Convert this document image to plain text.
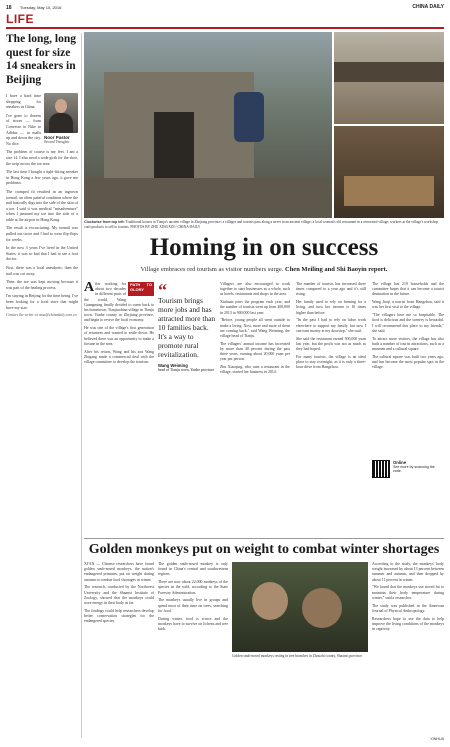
18 Tuesday, May 10, 2016	CHINA DAILY
LIFE
The long, long quest for size 14 sneakers in Beijing
Noor Pastor
Second Thoughts

I have a hard time shopping for sneakers in China.

I've gone to dozens of stores — from Converse to Nike to Adidas — in malls up and down the city. No dice.

The problem of course is my feet. I am a size 14. I also need a wide girth for the shoe, the strip across the toe area.

The last time I bought a tight-fitting sneaker in Hong Kong a few years ago, it gave me problems.

The cramped fit resulted in an ingrown toenail, an often painful condition where the nail basically digs into the side of the skin of a toe. I said it was medical "misadventure" when I jammed my toe into the side of a table at the airport in Hong Kong.

The result is excruciating. My toenail was pulled out twice and I had to wear flip-flops for weeks.

In the now 3 years I've lived in the United States, it was so bad that I had to see a foot doctor.

First, there was a local anesthetic; then the nail was cut away.

Then, the toe was kept moving because it was part of the healing process.

I'm staying in Beijing for the time being. I've been looking for a local store that might have my size.

Contact the writer at rasa@chinadaily.com.cn
Clockwise from top left: Traditional houses in Tianju's ancient village in Zhejiang province; a villager and tourists pass along a street in an ancient village; a local woman's old restaurant in a renovated village; workers at the village's workshop craft products to sell to tourists. PHOTOS BY ZHU XINGXIN / CHINA DAILY
Homing in on success
Village embraces red tourism as visitor numbers surge. Chen Meiling and Shi Baoyin report.
PATH TO GLORY
A fter working for about two decades in different parts of the world, Wang Guangming finally decided to come back to his hometown, Tianjiaobian village in Tianju town, Yunhe county in Zhejiang province, and begin to revive the local economy.

He was one of the village's first generation of returnees and wanted to settle down. He believed there was an opportunity to make a fortune in the area.

After his return, Wang and his son Wang Zhigang made a commercial deal with the village committee to develop the tourism.

“
Tourism brings more jobs and has attracted more than 10 families back. It's a way to promote rural revitalization.
Wang Weiming
head of Tianju town, Yunhe province

Villagers are also encouraged to work together to start businesses as a whole, such as hotels, restaurants and shops in the area.

Xiuhuan joins the program each year, and the number of tourists went up from 200,000 in 2013 to 900,000 last year.

"Before, young people all went outside to make a living. Now, more and more of them are coming back," said Wang Weiming, the village head of Tianju.

The villagers' annual income has increased by more than 40 percent during the past three years, earning about 20,000 yuan per year per person.

Zhu Xiaoqing, who runs a restaurant in the village, started her business in 2014.

The number of tourists has increased three times compared to a year ago and it's still rising.

Her family used to rely on farming for a living, and now her income is 10 times higher than before.

"In the past I had to rely on labor work elsewhere to support my family, but now I can earn money at my doorstep," she said.

She said the restaurant earned 500,000 yuan last year, but the profit was not as much as they had hoped.

For many tourists, the village is an ideal place to stay overnight, as it is only a three-hour drive from Hangzhou.

The village has 210 households and the committee hopes that it can become a tourist destination in the future.

Wang Jiaqi, a tourist from Hangzhou, said it was her first visit to the village.

"The villagers here are so hospitable. The food is delicious and the scenery is beautiful. I will recommend this place to my friends," she said.

To attract more visitors, the village has also built a number of tourist attractions, such as a museum and a cultural square.

The cultural square was built two years ago, and has become the most popular spot in the village.

Online
See more by scanning the code.
Golden monkeys put on weight to combat winter shortages

XI'AN — Chinese researchers have found golden snub-nosed monkeys, the nation's endangered primates, put on weight during autumn to combat food shortages in winter.

The research, conducted by the Northwest University and the Shaanxi Institute of Zoology, showed that the monkeys could store energy in their body as fat.

The findings could help researchers develop better conservation strategies for the endangered species.

The golden snub-nosed monkey is only found in China's central and southwestern regions.

There are now about 22,000 monkeys of the species in the wild, according to the State Forestry Administration.

The monkeys usually live in groups and spend most of their time on trees, searching for food.

During winter, food is scarce and the monkeys have to survive on lichens and tree bark.

Golden snub-nosed monkeys resting in tree branches in Zhouzhi county, Shaanxi province.

According to the study, the monkeys' body weight increased by about 13 percent between summer and autumn, and then dropped by about 11 percent in winter.

"We found that the monkeys use stored fat to maintain their body temperature during winter," said a researcher.

The study was published in the American Journal of Physical Anthropology.

Researchers hope to use the data to help improve the living conditions of the monkeys in captivity.

XINHUA
